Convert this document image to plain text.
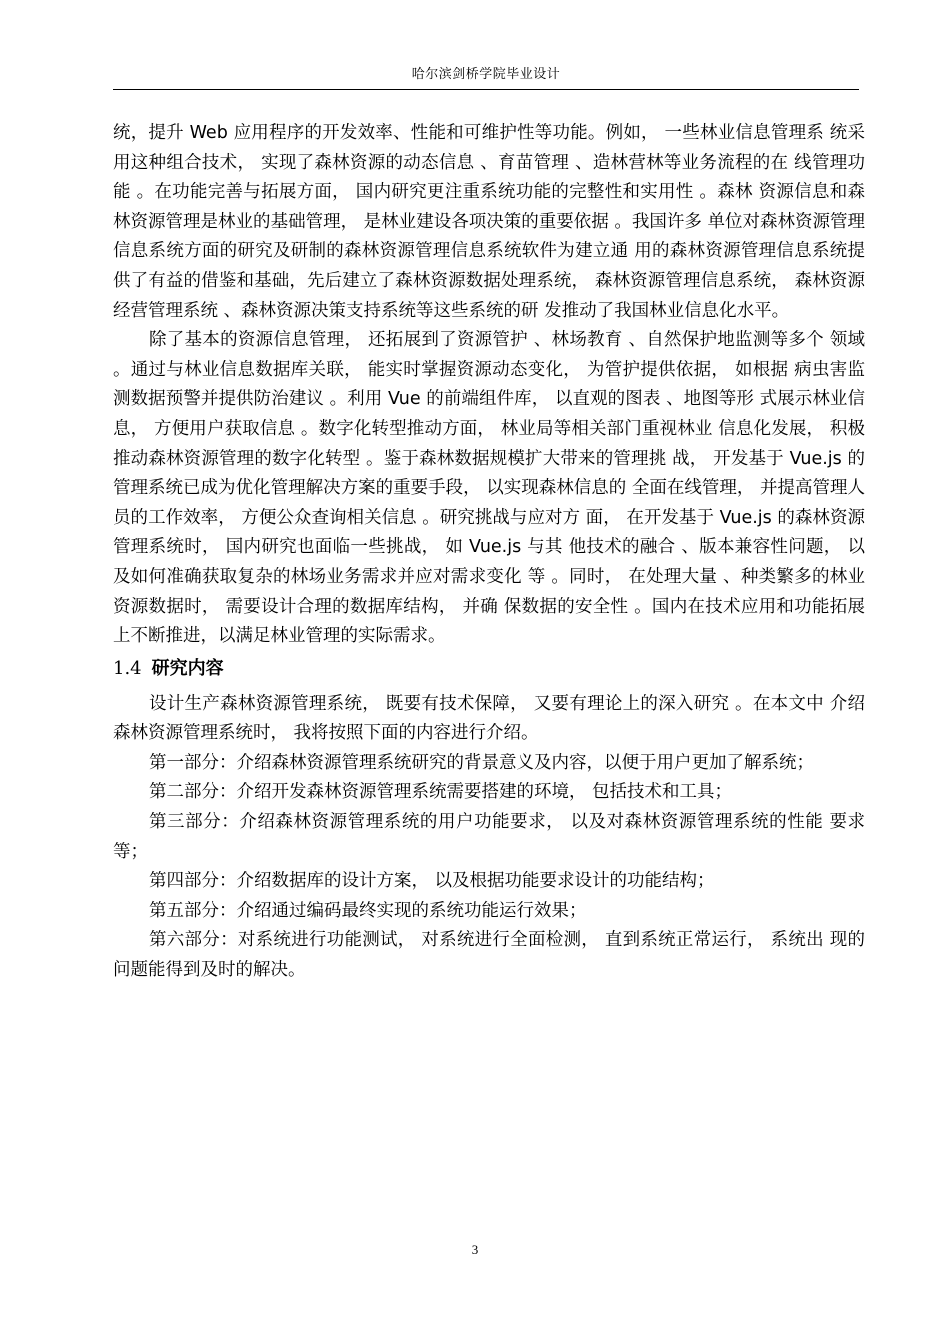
哈尔滨剑桥学院毕业设计

统，提升 Web 应用程序的开发效率、性能和可维护性等功能。例如， 一些林业信息管理系 统采用这种组合技术， 实现了森林资源的动态信息 、育苗管理 、造林营林等业务流程的在 线管理功能 。在功能完善与拓展方面， 国内研究更注重系统功能的完整性和实用性 。森林 资源信息和森林资源管理是林业的基础管理， 是林业建设各项决策的重要依据 。我国许多 单位对森林资源管理信息系统方面的研究及研制的森林资源管理信息系统软件为建立通 用的森林资源管理信息系统提供了有益的借鉴和基础，先后建立了森林资源数据处理系统， 森林资源管理信息系统， 森林资源经营管理系统 、森林资源决策支持系统等这些系统的研 发推动了我国林业信息化水平。

除了基本的资源信息管理， 还拓展到了资源管护 、林场教育 、自然保护地监测等多个 领域 。通过与林业信息数据库关联， 能实时掌握资源动态变化， 为管护提供依据， 如根据 病虫害监测数据预警并提供防治建议 。利用 Vue 的前端组件库， 以直观的图表 、地图等形 式展示林业信息， 方便用户获取信息 。数字化转型推动方面， 林业局等相关部门重视林业 信息化发展， 积极推动森林资源管理的数字化转型 。鉴于森林数据规模扩大带来的管理挑 战， 开发基于 Vue.js 的管理系统已成为优化管理解决方案的重要手段， 以实现森林信息的 全面在线管理， 并提高管理人员的工作效率， 方便公众查询相关信息 。研究挑战与应对方 面， 在开发基于 Vue.js 的森林资源管理系统时， 国内研究也面临一些挑战， 如 Vue.js 与其 他技术的融合 、版本兼容性问题， 以及如何准确获取复杂的林场业务需求并应对需求变化 等 。同时， 在处理大量 、种类繁多的林业资源数据时， 需要设计合理的数据库结构， 并确 保数据的安全性 。国内在技术应用和功能拓展上不断推进，以满足林业管理的实际需求。

1.4 研究内容

设计生产森林资源管理系统， 既要有技术保障， 又要有理论上的深入研究 。在本文中 介绍森林资源管理系统时， 我将按照下面的内容进行介绍。

第一部分：介绍森林资源管理系统研究的背景意义及内容，以便于用户更加了解系统；

第二部分：介绍开发森林资源管理系统需要搭建的环境， 包括技术和工具；

第三部分：介绍森林资源管理系统的用户功能要求， 以及对森林资源管理系统的性能 要求等；

第四部分：介绍数据库的设计方案， 以及根据功能要求设计的功能结构；

第五部分：介绍通过编码最终实现的系统功能运行效果；

第六部分：对系统进行功能测试， 对系统进行全面检测， 直到系统正常运行， 系统出 现的问题能得到及时的解决。

3
